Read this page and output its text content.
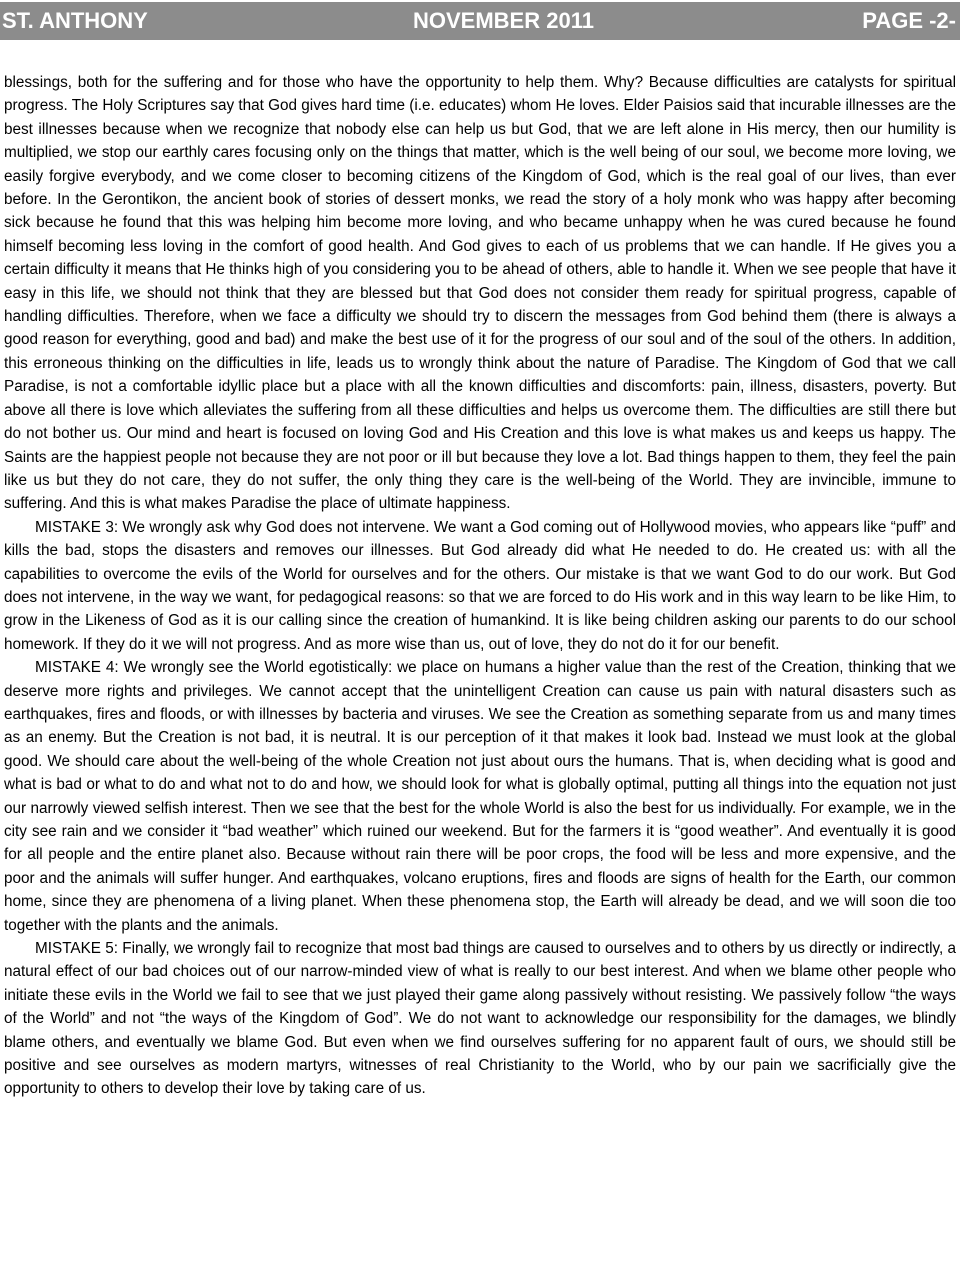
ST. ANTHONY	NOVEMBER 2011	PAGE -2-

blessings, both for the suffering and for those who have the opportunity to help them. Why? Because difficulties are catalysts for spiritual progress. The Holy Scriptures say that God gives hard time (i.e. educates) whom He loves. Elder Paisios said that incurable illnesses are the best illnesses because when we recognize that nobody else can help us but God, that we are left alone in His mercy, then our humility is multiplied, we stop our earthly cares focusing only on the things that matter, which is the well being of our soul, we become more loving, we easily forgive everybody, and we come closer to becoming citizens of the Kingdom of God, which is the real goal of our lives, than ever before. In the Gerontikon, the ancient book of stories of dessert monks, we read the story of a holy monk who was happy after becoming sick because he found that this was helping him become more loving, and who became unhappy when he was cured because he found himself becoming less loving in the comfort of good health. And God gives to each of us problems that we can handle. If He gives you a certain difficulty it means that He thinks high of you considering you to be ahead of others, able to handle it. When we see people that have it easy in this life, we should not think that they are blessed but that God does not consider them ready for spiritual progress, capable of handling difficulties. Therefore, when we face a difficulty we should try to discern the messages from God behind them (there is always a good reason for everything, good and bad) and make the best use of it for the progress of our soul and of the soul of the others. In addition, this erroneous thinking on the difficulties in life, leads us to wrongly think about the nature of Paradise. The Kingdom of God that we call Paradise, is not a comfortable idyllic place but a place with all the known difficulties and discomforts: pain, illness, disasters, poverty. But above all there is love which alleviates the suffering from all these difficulties and helps us overcome them. The difficulties are still there but do not bother us. Our mind and heart is focused on loving God and His Creation and this love is what makes us and keeps us happy. The Saints are the happiest people not because they are not poor or ill but because they love a lot. Bad things happen to them, they feel the pain like us but they do not care, they do not suffer, the only thing they care is the well-being of the World. They are invincible, immune to suffering. And this is what makes Paradise the place of ultimate happiness.

MISTAKE 3: We wrongly ask why God does not intervene. We want a God coming out of Hollywood movies, who appears like “puff” and kills the bad, stops the disasters and removes our illnesses. But God already did what He needed to do. He created us: with all the capabilities to overcome the evils of the World for ourselves and for the others. Our mistake is that we want God to do our work. But God does not intervene, in the way we want, for pedagogical reasons: so that we are forced to do His work and in this way learn to be like Him, to grow in the Likeness of God as it is our calling since the creation of humankind. It is like being children asking our parents to do our school homework. If they do it we will not progress. And as more wise than us, out of love, they do not do it for our benefit.

MISTAKE 4: We wrongly see the World egotistically: we place on humans a higher value than the rest of the Creation, thinking that we deserve more rights and privileges. We cannot accept that the unintelligent Creation can cause us pain with natural disasters such as earthquakes, fires and floods, or with illnesses by bacteria and viruses. We see the Creation as something separate from us and many times as an enemy. But the Creation is not bad, it is neutral. It is our perception of it that makes it look bad. Instead we must look at the global good. We should care about the well-being of the whole Creation not just about ours the humans. That is, when deciding what is good and what is bad or what to do and what not to do and how, we should look for what is globally optimal, putting all things into the equation not just our narrowly viewed selfish interest. Then we see that the best for the whole World is also the best for us individually. For example, we in the city see rain and we consider it “bad weather” which ruined our weekend. But for the farmers it is “good weather”. And eventually it is good for all people and the entire planet also. Because without rain there will be poor crops, the food will be less and more expensive, and the poor and the animals will suffer hunger. And earthquakes, volcano eruptions, fires and floods are signs of health for the Earth, our common home, since they are phenomena of a living planet. When these phenomena stop, the Earth will already be dead, and we will soon die too together with the plants and the animals.

MISTAKE 5: Finally, we wrongly fail to recognize that most bad things are caused to ourselves and to others by us directly or indirectly, a natural effect of our bad choices out of our narrow-minded view of what is really to our best interest. And when we blame other people who initiate these evils in the World we fail to see that we just played their game along passively without resisting. We passively follow “the ways of the World” and not “the ways of the Kingdom of God”. We do not want to acknowledge our responsibility for the damages, we blindly blame others, and eventually we blame God. But even when we find ourselves suffering for no apparent fault of ours, we should still be positive and see ourselves as modern martyrs, witnesses of real Christianity to the World, who by our pain we sacrificially give the opportunity to others to develop their love by taking care of us.
